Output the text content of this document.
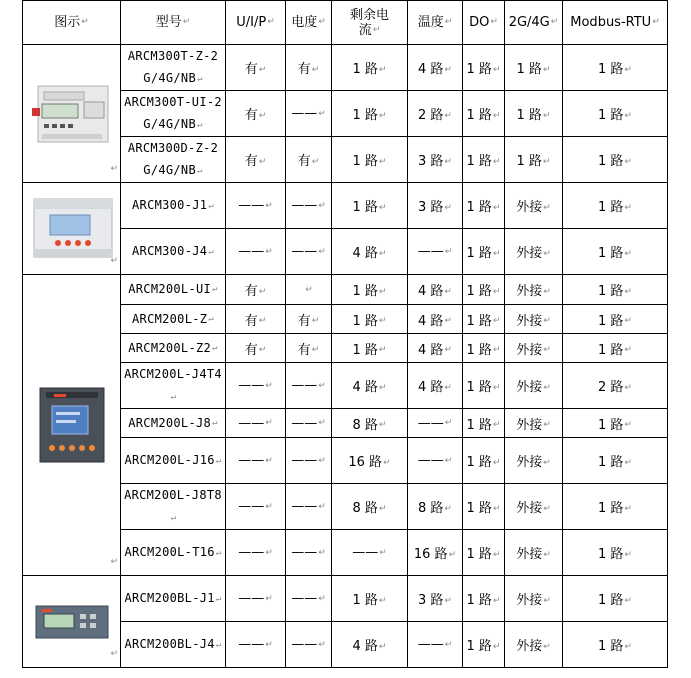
图示↵	型号↵	U/I/P↵	电度↵	剩余电流↵	温度↵	DO↵	2G/4G↵	Modbus-RTU↵

↵	ARCM300T-Z-2G/4G/NB↵	有↵	有↵	1 路↵	4 路↵	1 路↵	1 路↵	1 路↵
	ARCM300T-UI-2G/4G/NB↵	有↵	——↵	1 路↵	2 路↵	1 路↵	1 路↵	1 路↵
	ARCM300D-Z-2G/4G/NB↵	有↵	有↵	1 路↵	3 路↵	1 路↵	1 路↵	1 路↵

↵	ARCM300-J1↵	——↵	——↵	1 路↵	3 路↵	1 路↵	外接↵	1 路↵
	ARCM300-J4↵	——↵	——↵	4 路↵	——↵	1 路↵	外接↵	1 路↵

↵	ARCM200L-UI↵	有↵	↵	1 路↵	4 路↵	1 路↵	外接↵	1 路↵
	ARCM200L-Z↵	有↵	有↵	1 路↵	4 路↵	1 路↵	外接↵	1 路↵
	ARCM200L-Z2↵	有↵	有↵	1 路↵	4 路↵	1 路↵	外接↵	1 路↵
	ARCM200L-J4T4↵	——↵	——↵	4 路↵	4 路↵	1 路↵	外接↵	2 路↵
	ARCM200L-J8↵	——↵	——↵	8 路↵	——↵	1 路↵	外接↵	1 路↵
	ARCM200L-J16↵	——↵	——↵	16 路↵	——↵	1 路↵	外接↵	1 路↵
	ARCM200L-J8T8↵	——↵	——↵	8 路↵	8 路↵	1 路↵	外接↵	1 路↵
	ARCM200L-T16↵	——↵	——↵	——↵	16 路↵	1 路↵	外接↵	1 路↵

↵	ARCM200BL-J1↵	——↵	——↵	1 路↵	3 路↵	1 路↵	外接↵	1 路↵
	ARCM200BL-J4↵	——↵	——↵	4 路↵	——↵	1 路↵	外接↵	1 路↵
